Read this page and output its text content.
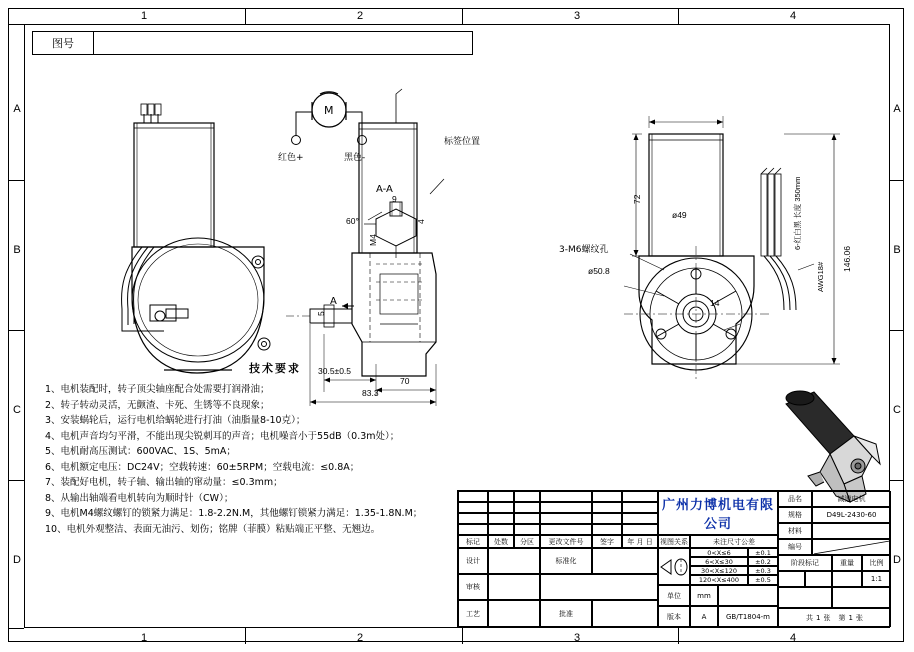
1	2	3	4
1	2	3	4
A
B
C
D
A
B
C
D
图号
M
红色+	黑色-
标签位置
A-A
A
3-M6螺纹孔
ø49
ø50.8
72
146.06
70
83.3
30.5±0.5
60°
M4
9
4
5
14
6-红白黑 长度 350mm
AWG18#
技术要求
1、电机装配时，转子顶尖轴座配合处需要打润滑油；
2、转子转动灵活，无颤渣、卡死、生锈等不良现象；
3、安装蜗轮后，运行电机给蜗轮进行打油（油脂量8-10克）；
4、电机声音均匀平滑，不能出现尖锐刺耳的声音；电机噪音小于55dB（0.3m处）；
5、电机耐高压测试：600VAC、1S、5mA；
6、电机额定电压：DC24V；空载转速：60±5RPM；空载电流：≤0.8A；
7、装配好电机，转子轴、输出轴的窜动量：≤0.3mm；
8、从输出轴端看电机转向为顺时针（CW）；
9、电机M4螺纹螺钉的锁紧力满足：1.8-2.2N.M，其他螺钉锁紧力满足：1.35-1.8N.M；
10、电机外观整洁、表面无油污、划伤；铭牌（菲膜）粘贴端正平整、无翘边。
标记	处数	分区	更改文件号	签字	年 月 日
设计	标准化
审核
工艺	批准
视图关系	未注尺寸公差
0<X≤6	±0.1
6<X≤30	±0.2
30<X≤120	±0.3
120<X≤400	±0.5
单位	mm
版本	A	GB/T1804-m
广州力博机电有限公司
品名	减速电机
规格	D49L-2430-60
材料
编号
阶段标记	重量	比例
1:1
共 1 张 第 1 张
